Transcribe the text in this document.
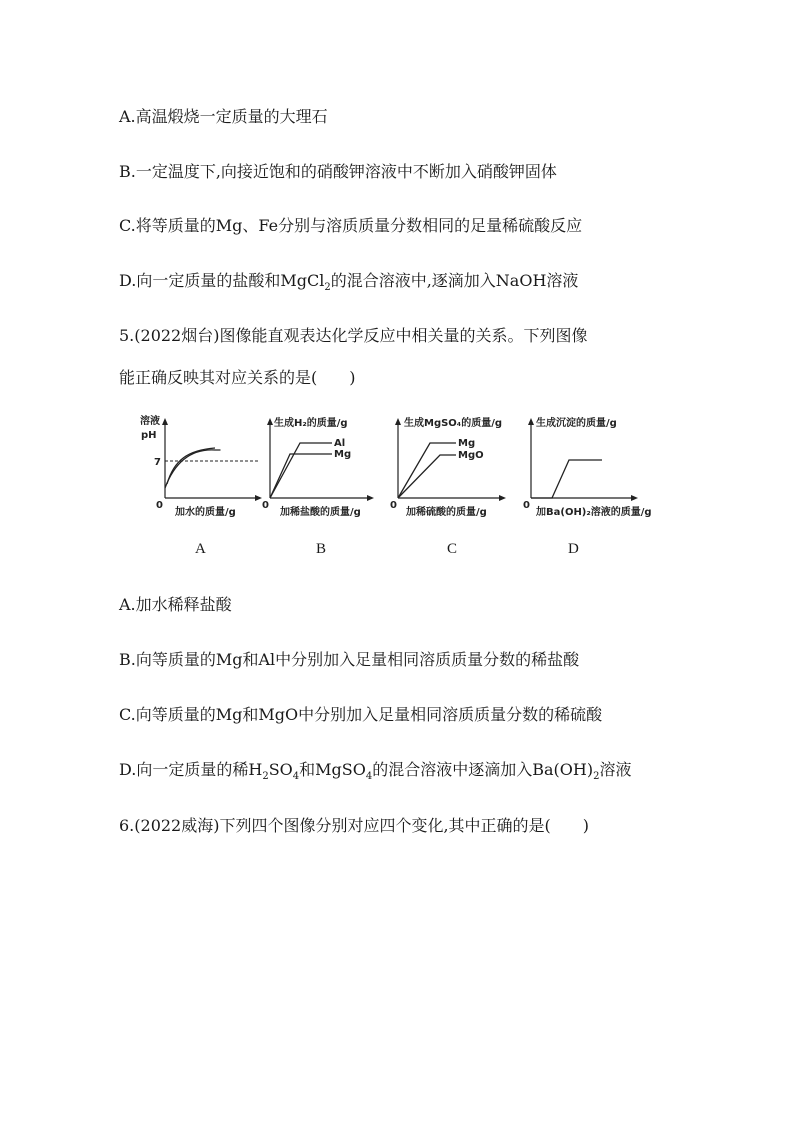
A.高温煅烧一定质量的大理石
B.一定温度下,向接近饱和的硝酸钾溶液中不断加入硝酸钾固体
C.将等质量的Mg、Fe分别与溶质质量分数相同的足量稀硫酸反应
D.向一定质量的盐酸和MgCl$_2$的混合溶液中,逐滴加入NaOH溶液
5.(2022烟台)图像能直观表达化学反应中相关量的关系。下列图像
能正确反映其对应关系的是(　　)
溶液
pH
7
0
加水的质量/g
生成H₂的质量/g
Al
Mg
0
加稀盐酸的质量/g
生成MgSO₄的质量/g
Mg
MgO
0
加稀硫酸的质量/g
生成沉淀的质量/g
0
加Ba(OH)₂溶液的质量/g
A	B	C	D
A.加水稀释盐酸
B.向等质量的Mg和Al中分别加入足量相同溶质质量分数的稀盐酸
C.向等质量的Mg和MgO中分别加入足量相同溶质质量分数的稀硫酸
D.向一定质量的稀$H_2SO_4$和MgSO$_4$的混合溶液中逐滴加入$Ba(OH)_2$溶液
6.(2022威海)下列四个图像分别对应四个变化,其中正确的是(　　)
